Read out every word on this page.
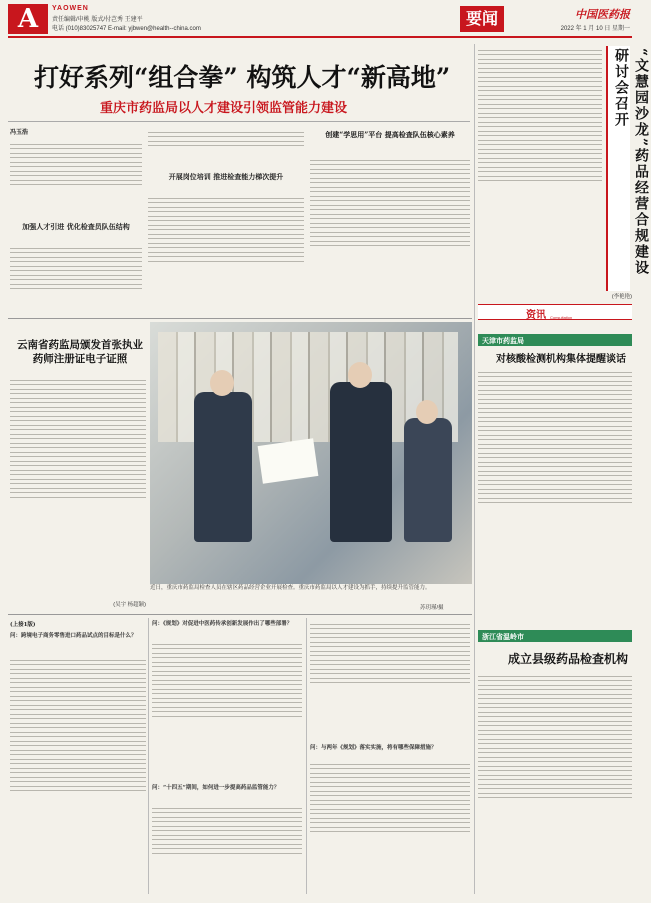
A	YAOWEN
责任编辑/申桃 版式/付芑秀 王建平
电话 (010)83025747 E-mail: yjbwen@health--china.com
要闻	中国医药报
2022 年 1 月 10 日 星期一
打好系列“组合拳” 构筑人才“新高地”
重庆市药监局以人才建设引领监管能力建设
冯玉浩
加强人才引进 优化检查员队伍结构
开展岗位培训 推进检查能力梯次提升
创建“学思用”平台 提高检查队伍核心素养	“文慧园沙龙”药品经营合规建设研讨会召开
(李艳艳)
资讯 Consultation
天津市药监局
对核酸检测机构集体提醒谈话
浙江省温岭市
成立县级药品检查机构
云南省药监局颁发首张执业药师注册证电子证照
(吴宇 杨超颖)
近日，重庆市药监局检查人员在辖区药品经营企业开展检查。重庆市药监局以人才建设为抓手，持续提升监管能力。
苏玥瑾/摄
(上接1版)
问：跨境电子商务零售进口药品试点的目标是什么？
问：《规划》对促进中医药传承创新发展作出了哪些部署？
问：“十四五”期间，如何进一步提高药品监管能力？
问：与两年《规划》落实实施，将有哪些保障措施？
